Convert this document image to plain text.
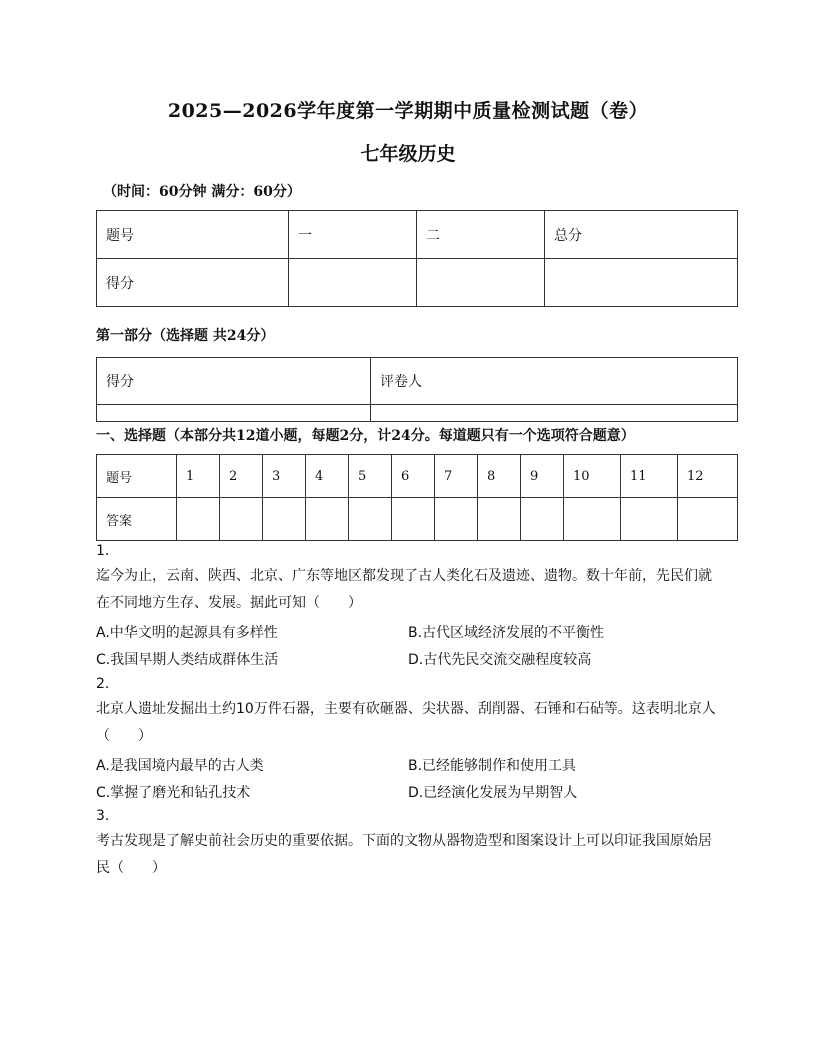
2025—2026学年度第一学期期中质量检测试题（卷）
七年级历史
（时间：60分钟 满分：60分）
题号	一	二	总分
得分			
第一部分（选择题 共24分）
得分	评卷人

一、选择题（本部分共12道小题，每题2分，计24分。每道题只有一个选项符合题意）
题号	1	2	3	4	5	6	7	8	9	10	11	12
答案												
1.
迄今为止，云南、陕西、北京、广东等地区都发现了古人类化石及遗迹、遗物。数十年前，先民们就
在不同地方生存、发展。据此可知（　　）
A.中华文明的起源具有多样性	B.古代区域经济发展的不平衡性
C.我国早期人类结成群体生活	D.古代先民交流交融程度较高
2.
北京人遗址发掘出土约10万件石器，主要有砍砸器、尖状器、刮削器、石锤和石砧等。这表明北京人
（　　）
A.是我国境内最早的古人类	B.已经能够制作和使用工具
C.掌握了磨光和钻孔技术	D.已经演化发展为早期智人
3.
考古发现是了解史前社会历史的重要依据。下面的文物从器物造型和图案设计上可以印证我国原始居
民（　　）
